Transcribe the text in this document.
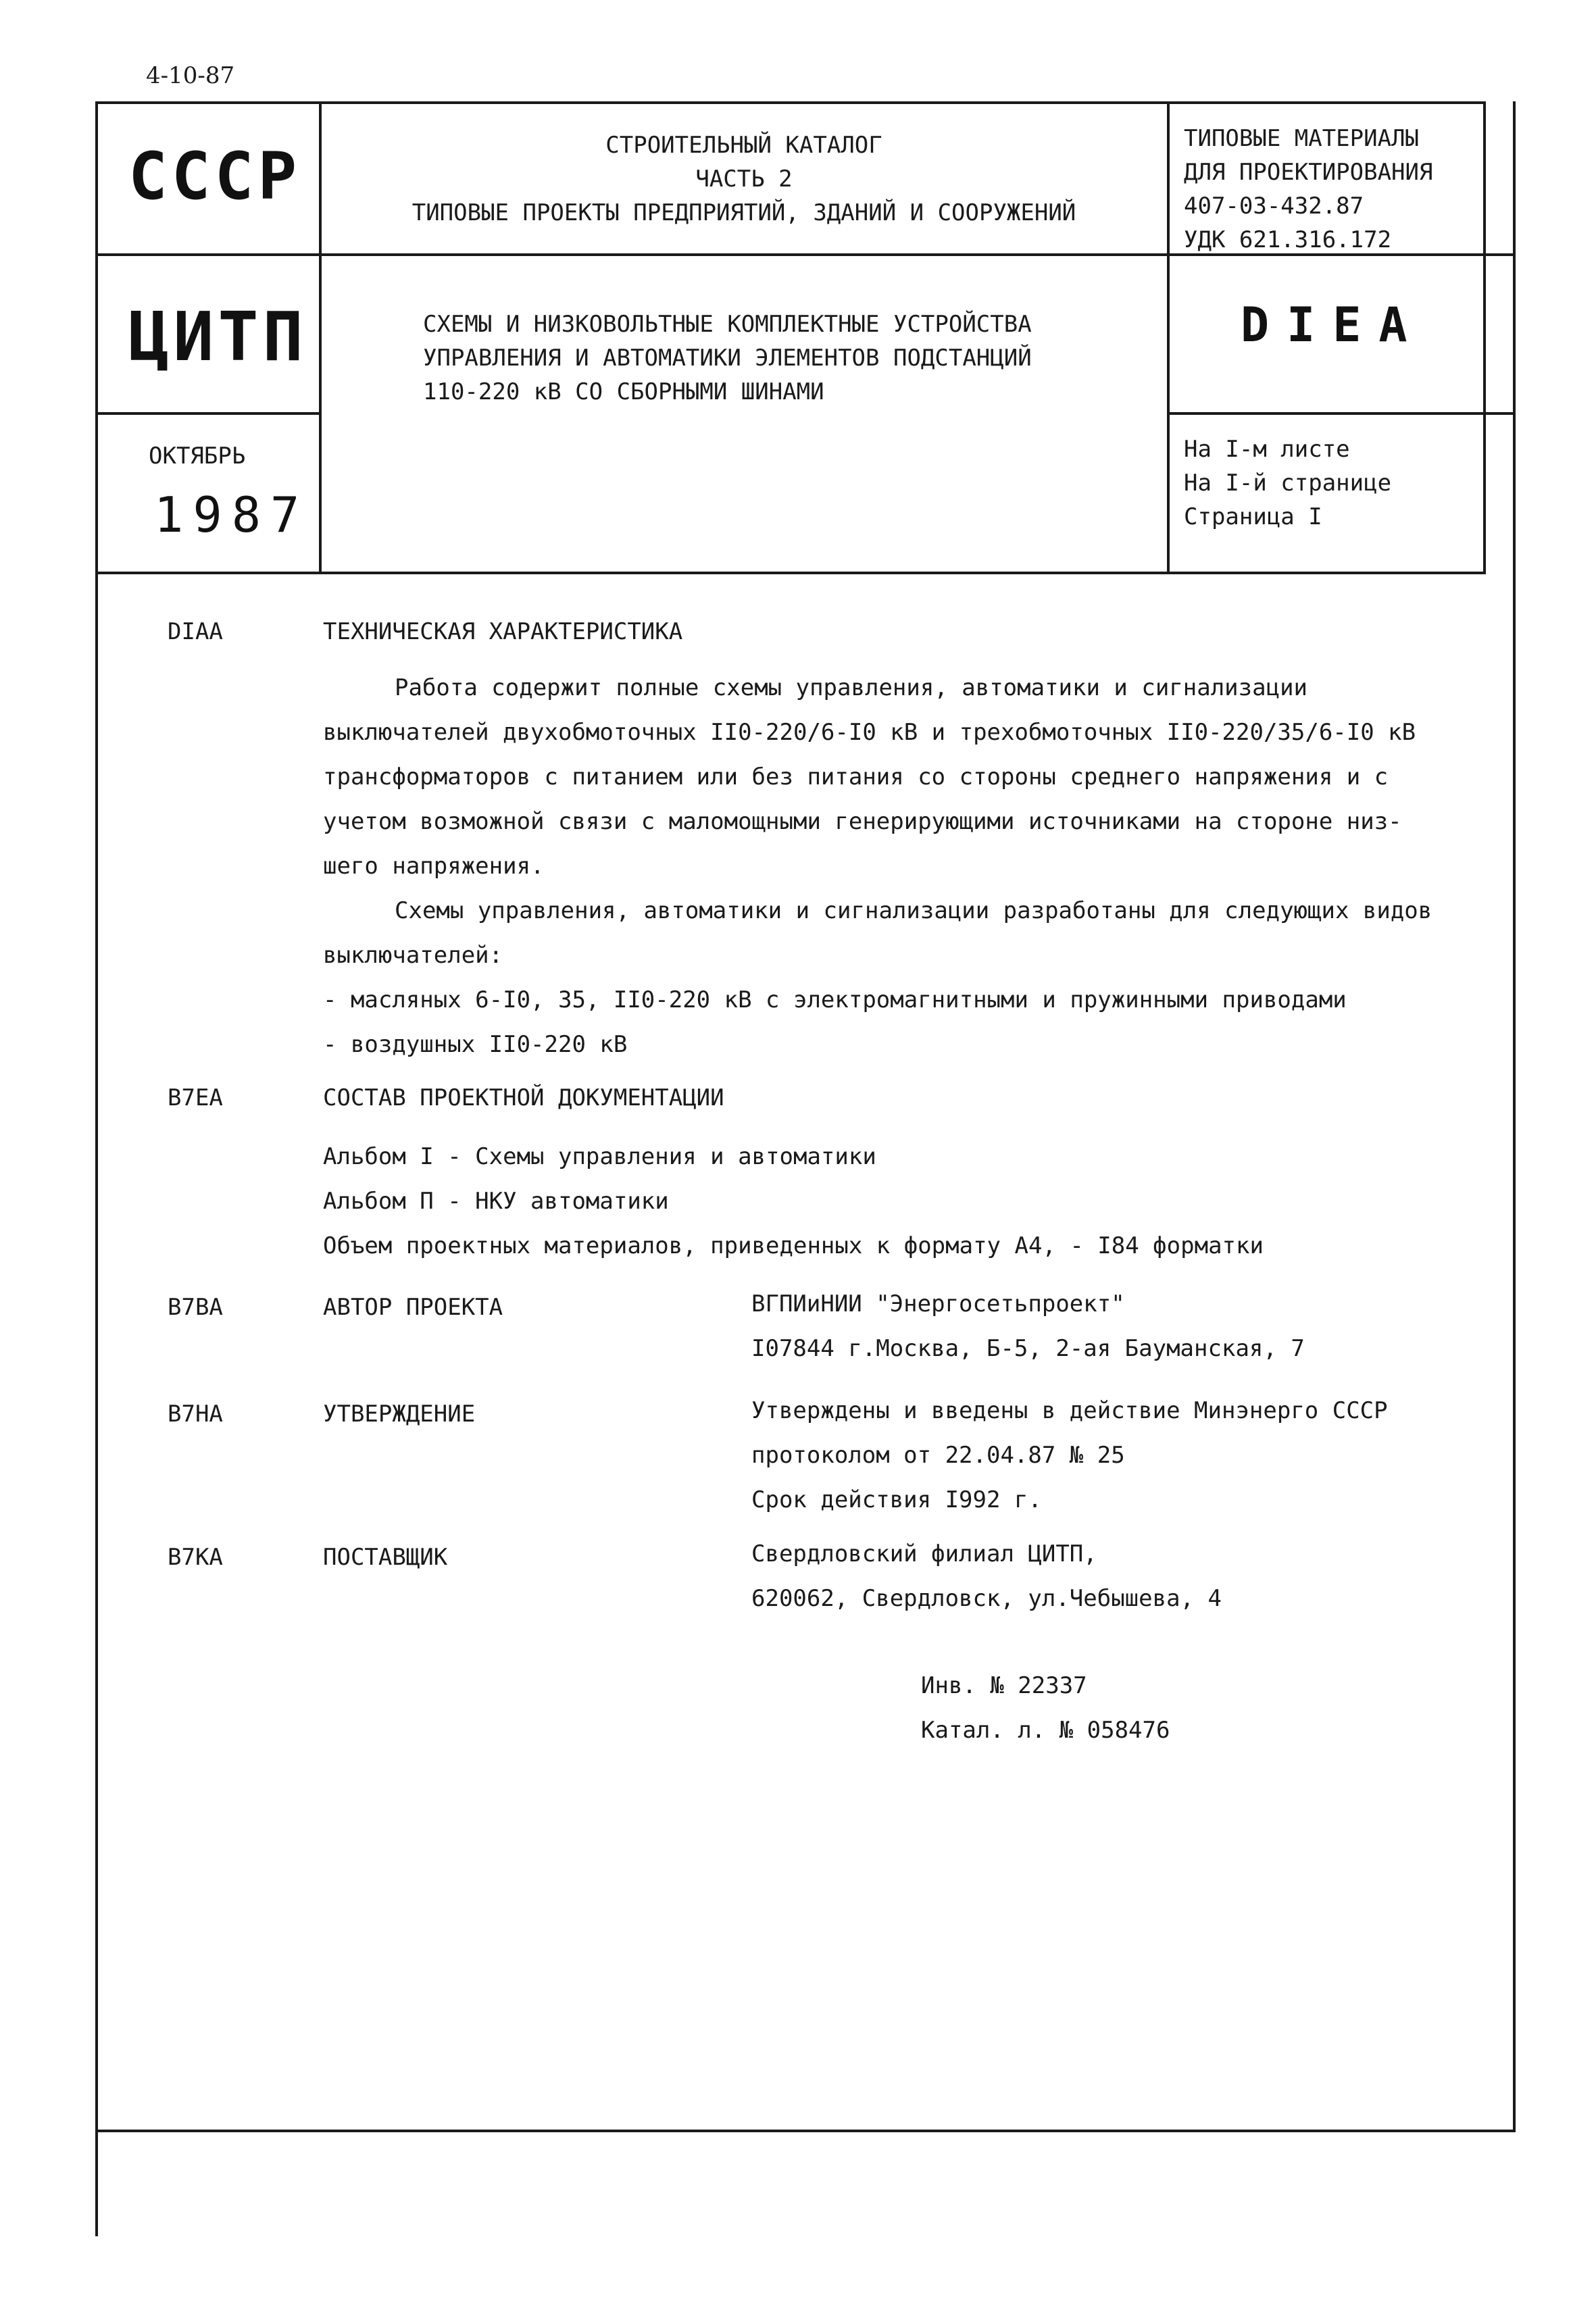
4-10-87
СССР
ЦИТП
ОКТЯБРЬ
1987
СТРОИТЕЛЬНЫЙ КАТАЛОГ
ЧАСТЬ 2
ТИПОВЫЕ ПРОЕКТЫ ПРЕДПРИЯТИЙ, ЗДАНИЙ И СООРУЖЕНИЙ
ТИПОВЫЕ МАТЕРИАЛЫ
ДЛЯ ПРОЕКТИРОВАНИЯ
407-03-432.87
УДК 621.316.172
СХЕМЫ И НИЗКОВОЛЬТНЫЕ КОМПЛЕКТНЫЕ УСТРОЙСТВА
УПРАВЛЕНИЯ И АВТОМАТИКИ ЭЛЕМЕНТОВ ПОДСТАНЦИЙ
110-220 кВ СО СБОРНЫМИ ШИНАМИ
DIEA
На I-м листе
На I-й странице
Страница I
DIAA	ТЕХНИЧЕСКАЯ ХАРАКТЕРИСТИКА
Работа содержит полные схемы управления, автоматики и сигнализации
выключателей двухобмоточных II0-220/6-I0 кВ и трехобмоточных II0-220/35/6-I0 кВ
трансформаторов с питанием или без питания со стороны среднего напряжения и с
учетом возможной связи с маломощными генерирующими источниками на стороне низ-
шего напряжения.
Схемы управления, автоматики и сигнализации разработаны для следующих видов
выключателей:
- масляных 6-I0, 35, II0-220 кВ с электромагнитными и пружинными приводами
- воздушных II0-220 кВ
B7EA	СОСТАВ ПРОЕКТНОЙ ДОКУМЕНТАЦИИ
Альбом I - Схемы управления и автоматики
Альбом П - НКУ автоматики
Объем проектных материалов, приведенных к формату А4, - I84 форматки
B7BA	АВТОР ПРОЕКТА	ВГПИиНИИ "Энергосетьпроект"
I07844 г.Москва, Б-5, 2-ая Бауманская, 7
B7HA	УТВЕРЖДЕНИЕ	Утверждены и введены в действие Минэнерго СССР
протоколом от 22.04.87 № 25
Срок действия I992 г.
B7KA	ПОСТАВЩИК	Свердловский филиал ЦИТП,
620062, Свердловск, ул.Чебышева, 4
Инв. № 22337
Катал. л. № 058476
